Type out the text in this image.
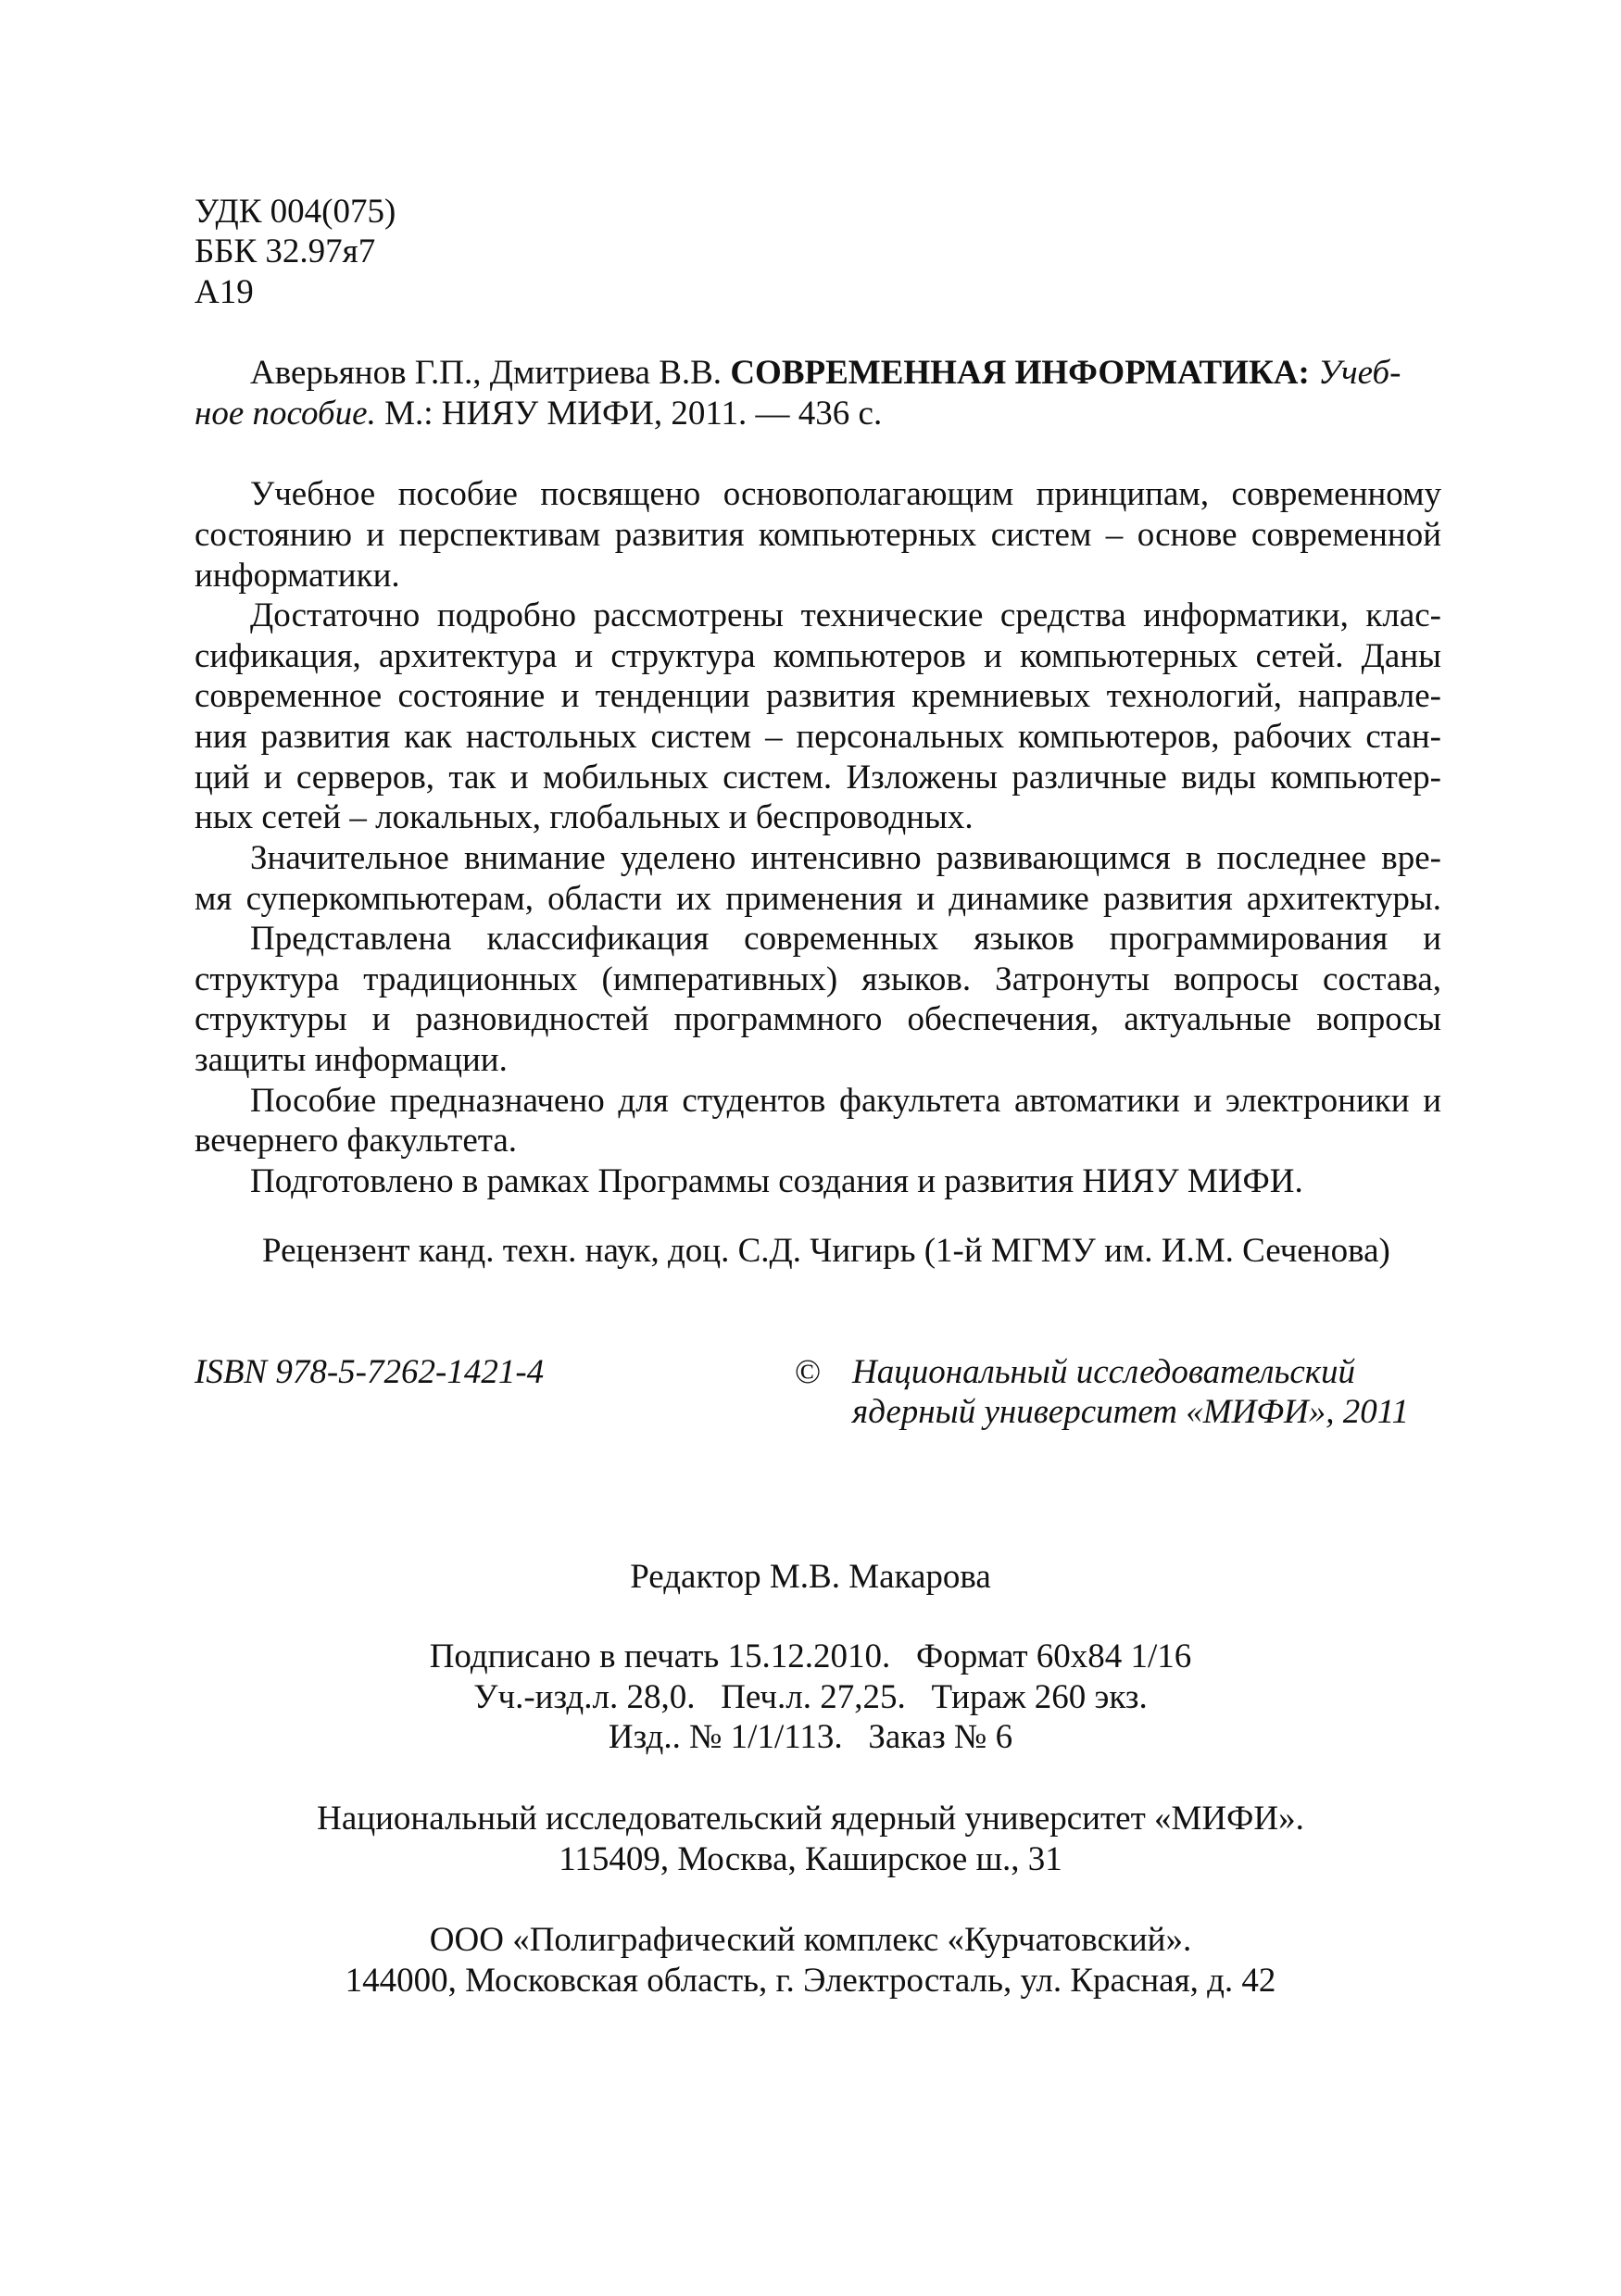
УДК 004(075)
ББК 32.97я7
А19
Аверьянов Г.П., Дмитриева В.В. СОВРЕМЕННАЯ ИНФОРМАТИКА: Учеб-
ное пособие. М.: НИЯУ МИФИ, 2011. — 436 с.
Учебное пособие посвящено основополагающим принципам, современному
состоянию и перспективам развития компьютерных систем – основе современной
информатики.
Достаточно подробно рассмотрены технические средства информатики, клас-
сификация, архитектура и структура компьютеров и компьютерных сетей. Даны
современное состояние и тенденции развития кремниевых технологий, направле-
ния развития как настольных систем – персональных компьютеров, рабочих стан-
ций и серверов, так и мобильных систем. Изложены различные виды компьютер-
ных сетей – локальных, глобальных и беспроводных.
Значительное внимание уделено интенсивно развивающимся в последнее вре-
мя суперкомпьютерам, области их применения и динамике развития архитектуры.
Представлена классификация современных языков программирования и
структура традиционных (императивных) языков. Затронуты вопросы состава,
структуры и разновидностей программного обеспечения, актуальные вопросы
защиты информации.
Пособие предназначено для студентов факультета автоматики и электроники и
вечернего факультета.
Подготовлено в рамках Программы создания и развития НИЯУ МИФИ.
Рецензент канд. техн. наук, доц. С.Д. Чигирь (1-й МГМУ им. И.М. Сеченова)
ISBN 978-5-7262-1421-4	© Национальный исследовательский
ядерный университет «МИФИ», 2011
Редактор М.В. Макарова
Подписано в печать 15.12.2010.   Формат 60х84 1/16
Уч.-изд.л. 28,0.   Печ.л. 27,25.   Тираж 260 экз.
Изд.. № 1/1/113.   Заказ № 6
Национальный исследовательский ядерный университет «МИФИ».
115409, Москва, Каширское ш., 31
ООО «Полиграфический комплекс «Курчатовский».
144000, Московская область, г. Электросталь, ул. Красная, д. 42
